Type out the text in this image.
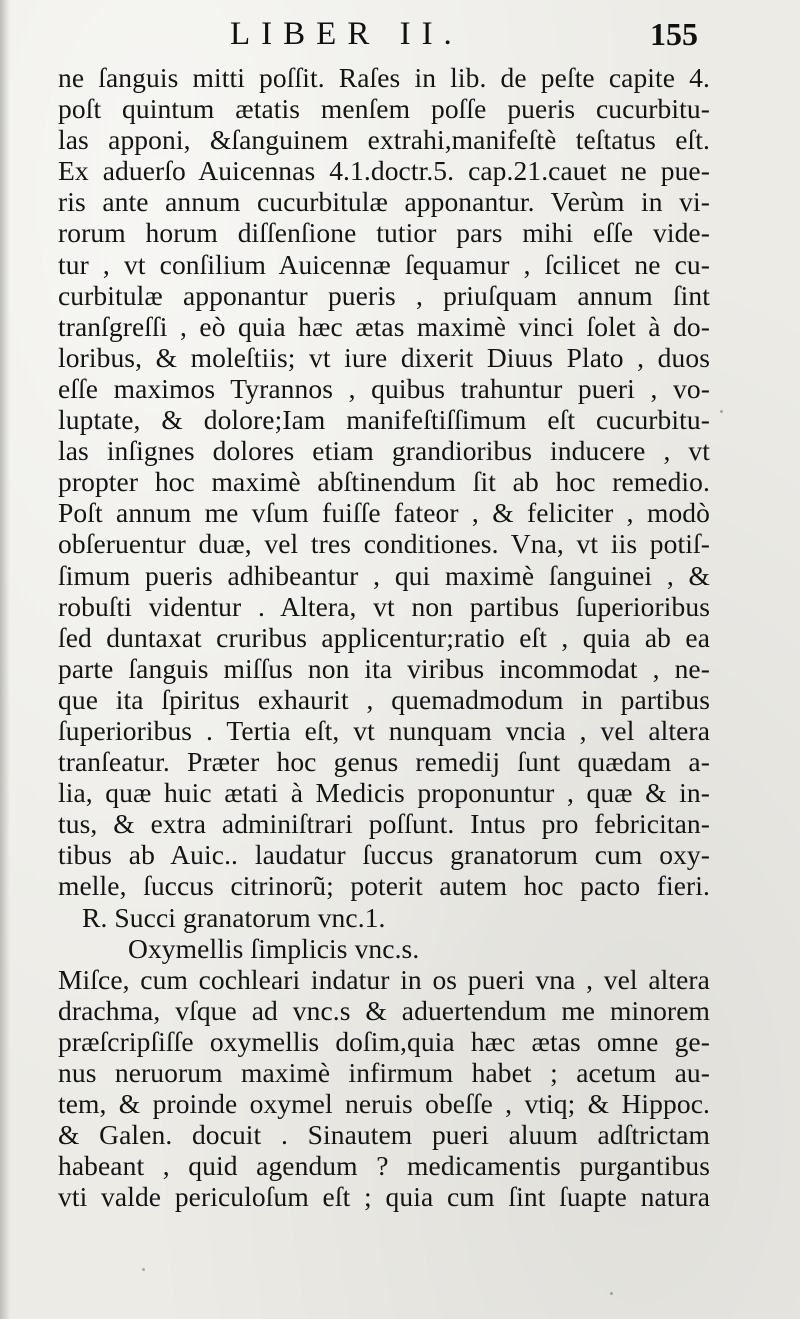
LIBER II.	155
ne ſanguis mitti poſſit. Raſes in lib. de peſte capite 4.
poſt quintum ætatis menſem poſſe pueris cucurbitu-
las apponi, &ſanguinem extrahi,manifeſtè teſtatus eſt.
Ex aduerſo Auicennas 4.1.doctr.5. cap.21.cauet ne pue-
ris ante annum cucurbitulæ apponantur. Verùm in vi-
rorum horum diſſenſione tutior pars mihi eſſe vide-
tur , vt conſilium Auicennæ ſequamur , ſcilicet ne cu-
curbitulæ apponantur pueris , priuſquam annum ſint
tranſgreſſi , eò quia hæc ætas maximè vinci ſolet à do-
loribus, & moleſtiis; vt iure dixerit Diuus Plato , duos
eſſe maximos Tyrannos , quibus trahuntur pueri , vo-
luptate, & dolore;Iam manifeſtiſſimum eſt cucurbitu-
las inſignes dolores etiam grandioribus inducere , vt
propter hoc maximè abſtinendum ſit ab hoc remedio.
Poſt annum me vſum fuiſſe fateor , & feliciter , modò
obſeruentur duæ, vel tres conditiones. Vna, vt iis potiſ-
ſimum pueris adhibeantur , qui maximè ſanguinei , &
robuſti videntur . Altera, vt non partibus ſuperioribus
ſed duntaxat cruribus applicentur;ratio eſt , quia ab ea
parte ſanguis miſſus non ita viribus incommodat , ne-
que ita ſpiritus exhaurit , quemadmodum in partibus
ſuperioribus . Tertia eſt, vt nunquam vncia , vel altera
tranſeatur. Præter hoc genus remedij ſunt quædam a-
lia, quæ huic ætati à Medicis proponuntur , quæ & in-
tus, & extra adminiſtrari poſſunt. Intus pro febricitan-
tibus ab Auic.. laudatur ſuccus granatorum cum oxy-
melle, ſuccus citrinorũ; poterit autem hoc pacto fieri.
R. Succi granatorum vnc.1.
Oxymellis ſimplicis vnc.s.
Miſce, cum cochleari indatur in os pueri vna , vel altera
drachma, vſque ad vnc.s & aduertendum me minorem
præſcripſiſſe oxymellis doſim,quia hæc ætas omne ge-
nus neruorum maximè infirmum habet ; acetum au-
tem, & proinde oxymel neruis obeſſe , vtiq; & Hippoc.
& Galen. docuit . Sinautem pueri aluum adſtrictam
habeant , quid agendum ? medicamentis purgantibus
vti valde periculoſum eſt ; quia cum ſint ſuapte natura
